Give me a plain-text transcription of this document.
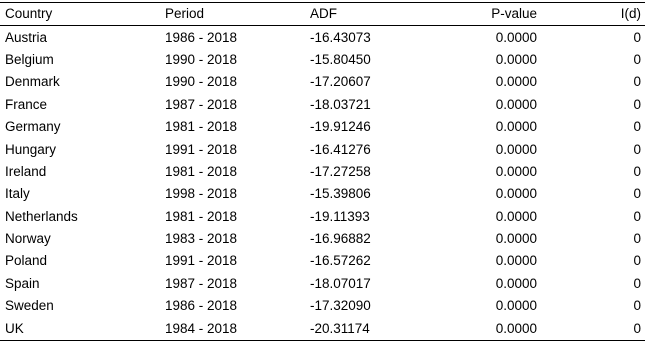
Country	Period	ADF	P-value	I(d)
Austria	1986 - 2018	-16.43073	0.0000	0
Belgium	1990 - 2018	-15.80450	0.0000	0
Denmark	1990 - 2018	-17.20607	0.0000	0
France	1987 - 2018	-18.03721	0.0000	0
Germany	1981 - 2018	-19.91246	0.0000	0
Hungary	1991 - 2018	-16.41276	0.0000	0
Ireland	1981 - 2018	-17.27258	0.0000	0
Italy	1998 - 2018	-15.39806	0.0000	0
Netherlands	1981 - 2018	-19.11393	0.0000	0
Norway	1983 - 2018	-16.96882	0.0000	0
Poland	1991 - 2018	-16.57262	0.0000	0
Spain	1987 - 2018	-18.07017	0.0000	0
Sweden	1986 - 2018	-17.32090	0.0000	0
UK	1984 - 2018	-20.31174	0.0000	0
